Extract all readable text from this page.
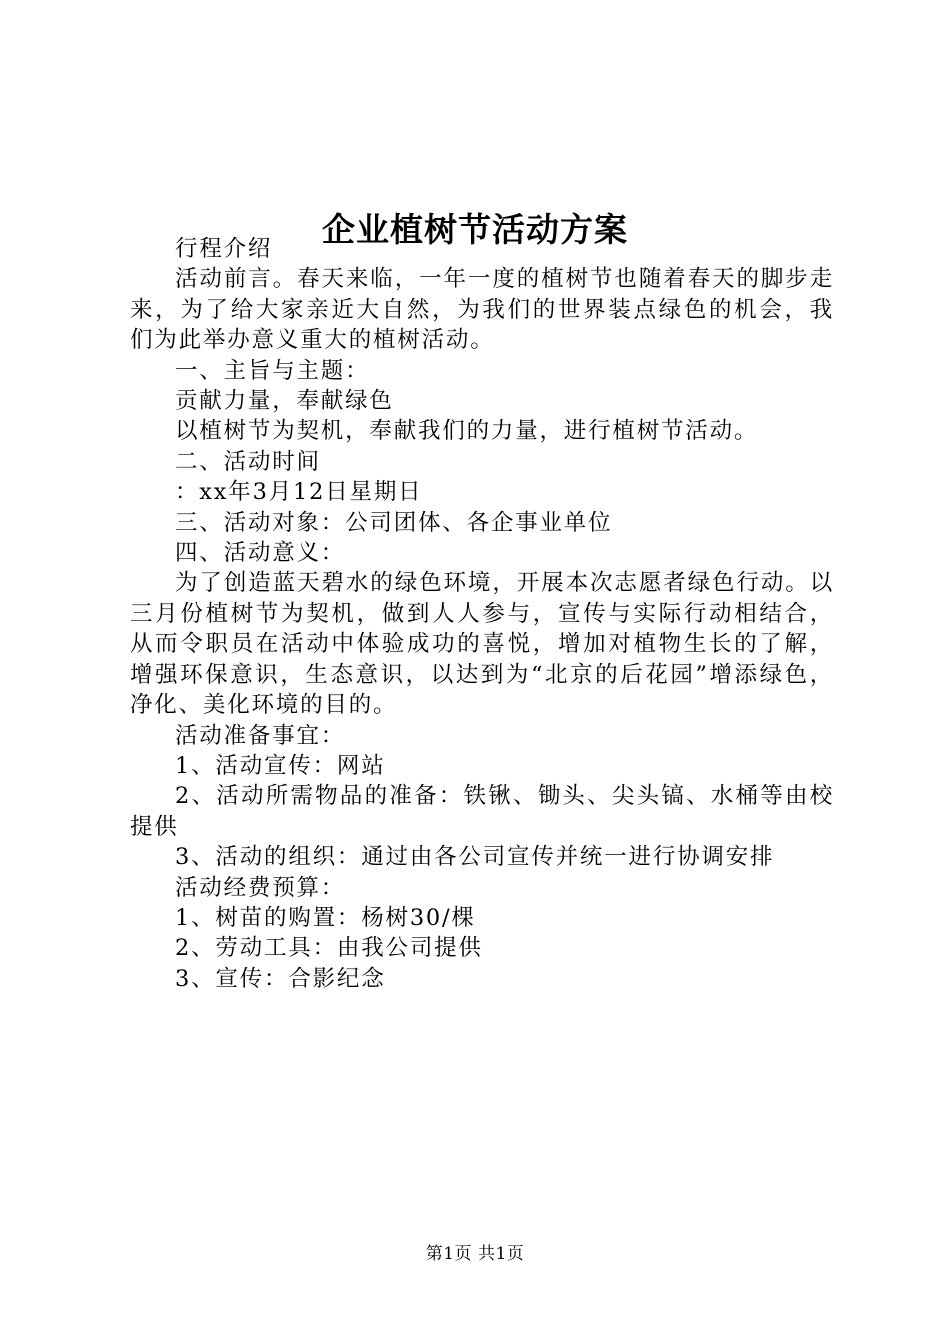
企业植树节活动方案

行程介绍

活动前言。春天来临，一年一度的植树节也随着春天的脚步走来，为了给大家亲近大自然，为我们的世界装点绿色的机会，我们为此举办意义重大的植树活动。

一、主旨与主题：

贡献力量，奉献绿色

以植树节为契机，奉献我们的力量，进行植树节活动。

二、活动时间

：xx年3月12日星期日

三、活动对象：公司团体、各企事业单位

四、活动意义：

为了创造蓝天碧水的绿色环境，开展本次志愿者绿色行动。以三月份植树节为契机，做到人人参与，宣传与实际行动相结合，从而令职员在活动中体验成功的喜悦，增加对植物生长的了解，增强环保意识，生态意识，以达到为“北京的后花园”增添绿色，净化、美化环境的目的。

活动准备事宜：

1、活动宣传：网站

2、活动所需物品的准备：铁锹、锄头、尖头镐、水桶等由校提供

3、活动的组织：通过由各公司宣传并统一进行协调安排

活动经费预算：

1、树苗的购置：杨树30/棵

2、劳动工具：由我公司提供

3、宣传：合影纪念

第1页 共1页
